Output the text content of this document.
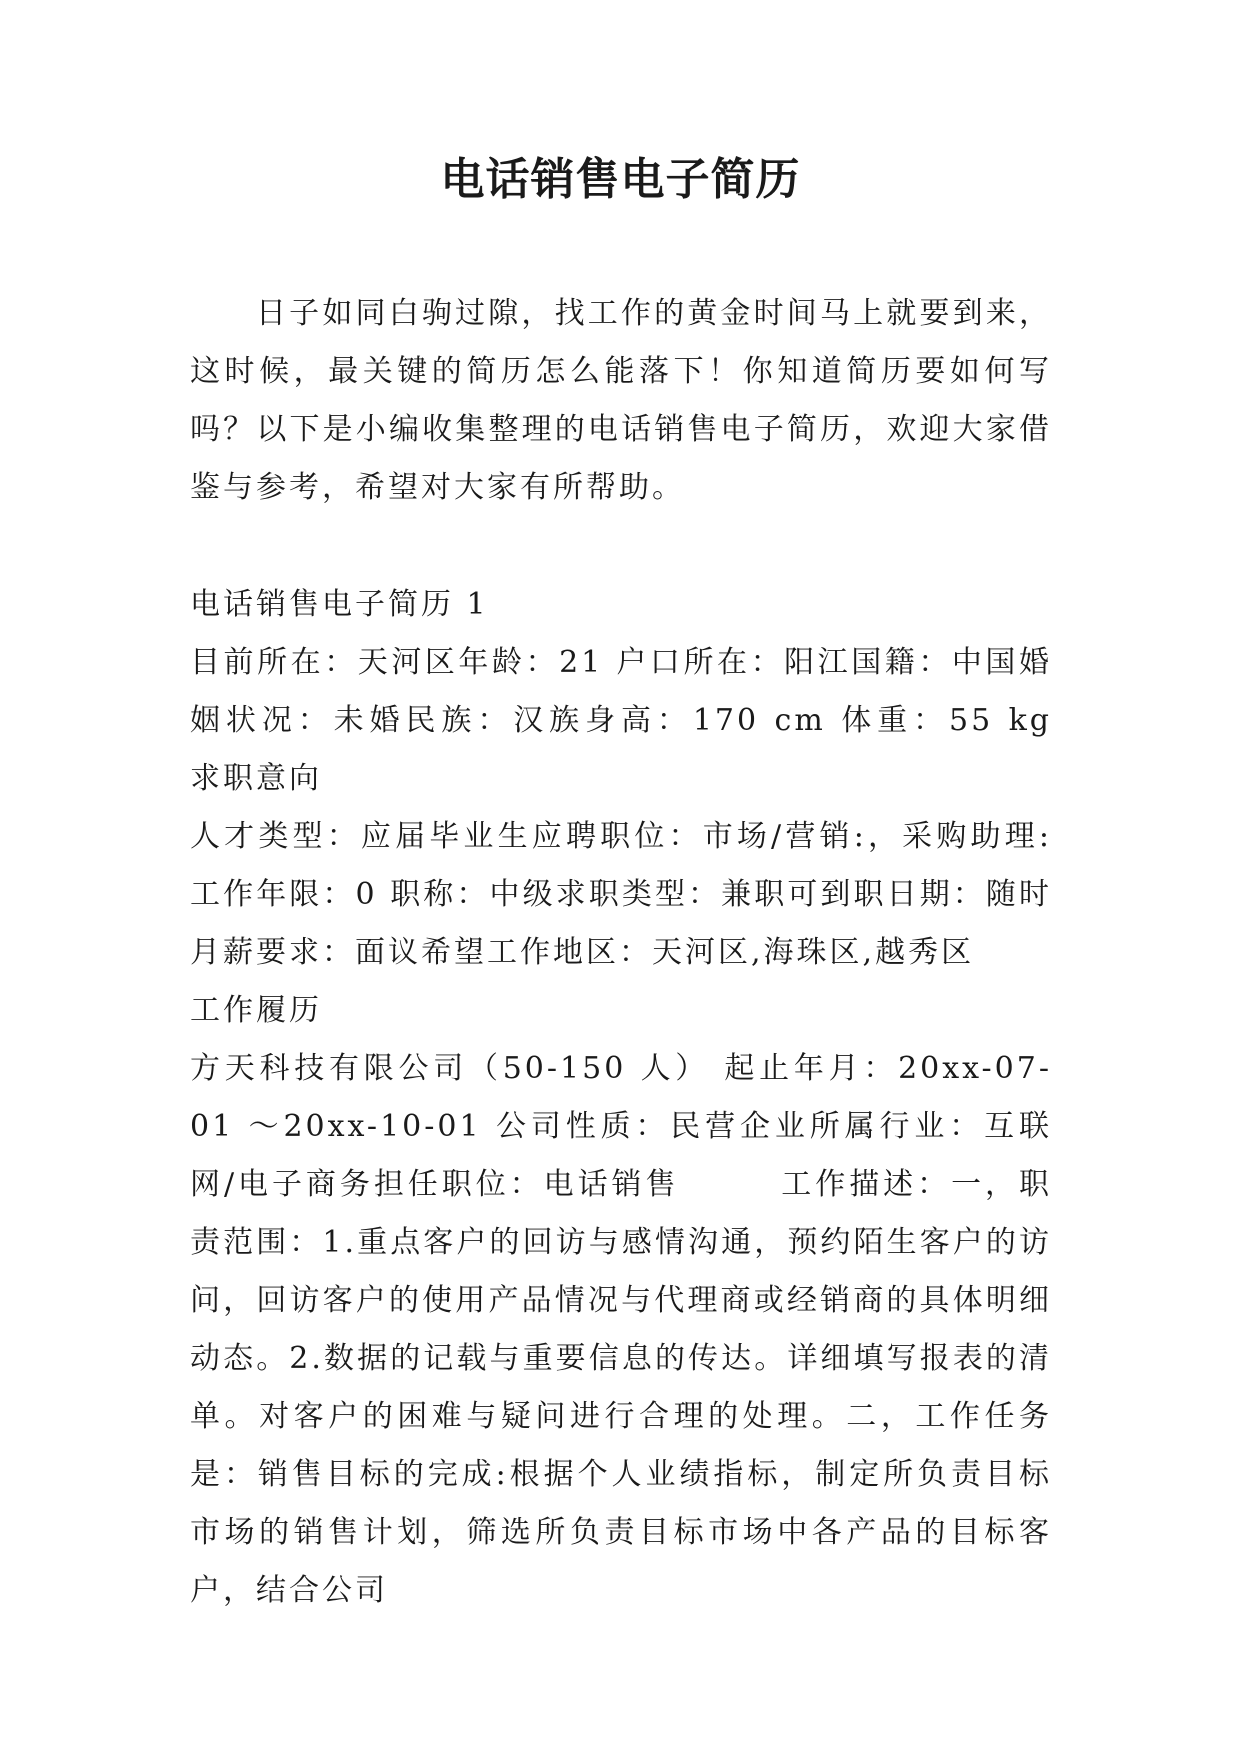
电话销售电子简历

日子如同白驹过隙，找工作的黄金时间马上就要到来，这时候，最关键的简历怎么能落下！你知道简历要如何写吗？以下是小编收集整理的电话销售电子简历，欢迎大家借鉴与参考，希望对大家有所帮助。

电话销售电子简历 1

目前所在：天河区年龄：21 户口所在：阳江国籍：中国婚姻状况：未婚民族：汉族身高：170 cm 体重：55 kg　　求职意向

人才类型：应届毕业生应聘职位：市场/营销:，采购助理:工作年限：0 职称：中级求职类型：兼职可到职日期：随时月薪要求：面议希望工作地区：天河区,海珠区,越秀区

工作履历

方天科技有限公司（50-150 人） 起止年月：20xx-07-01 ～20xx-10-01 公司性质：民营企业所属行业：互联网/电子商务担任职位：电话销售　　　工作描述：一，职责范围：1.重点客户的回访与感情沟通，预约陌生客户的访问，回访客户的使用产品情况与代理商或经销商的具体明细动态。2.数据的记载与重要信息的传达。详细填写报表的清单。对客户的困难与疑问进行合理的处理。二，工作任务是：销售目标的完成:根据个人业绩指标，制定所负责目标市场的销售计划，筛选所负责目标市场中各产品的目标客户，结合公司
